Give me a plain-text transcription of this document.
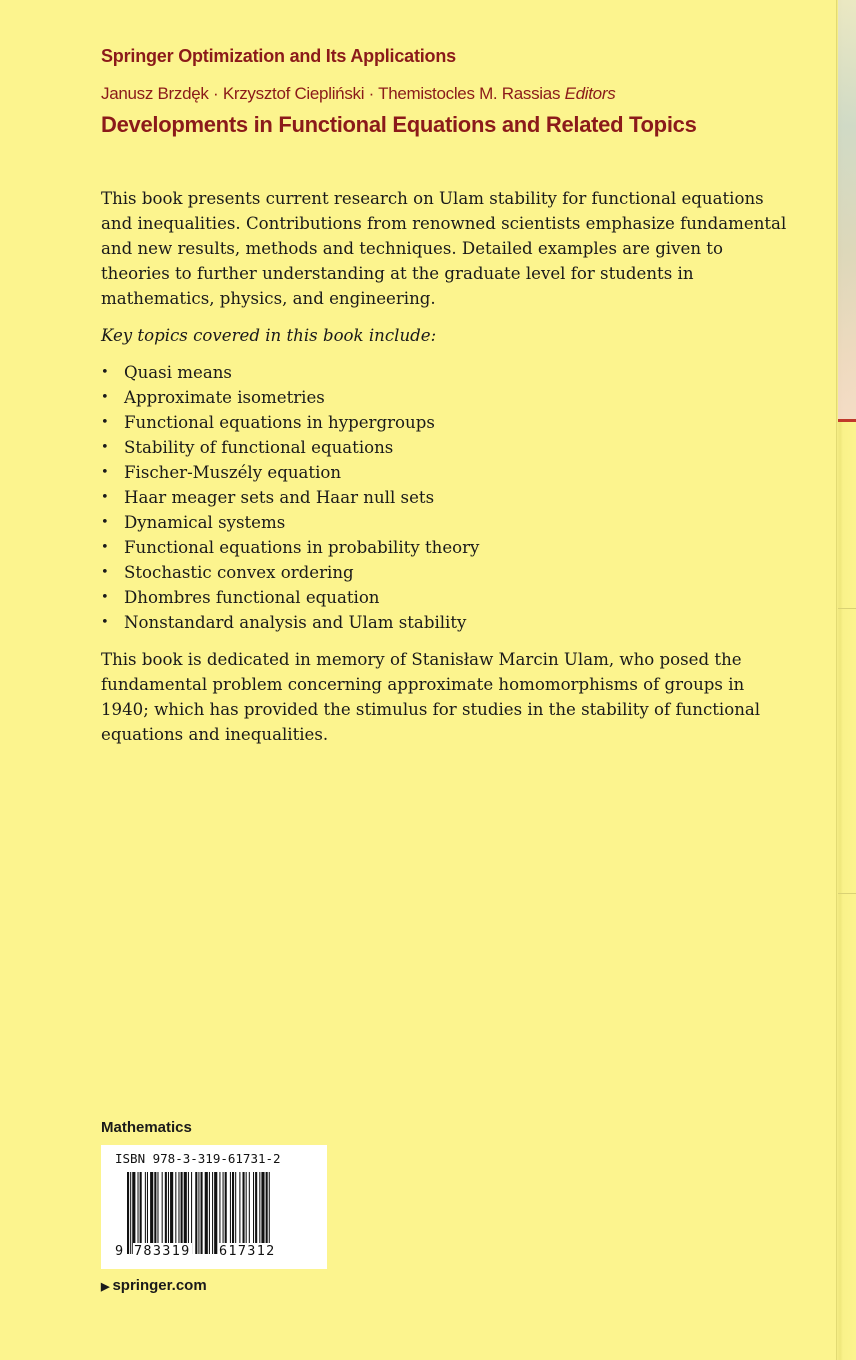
Springer Optimization and Its Applications
Janusz Brzdęk · Krzysztof Ciepliński · Themistocles M. Rassias Editors
Developments in Functional Equations and Related Topics

This book presents current research on Ulam stability for functional equations and inequalities. Contributions from renowned scientists emphasize fundamental and new results, methods and techniques. Detailed examples are given to theories to further understanding at the graduate level for students in mathematics, physics, and engineering.

Key topics covered in this book include:

• Quasi means
• Approximate isometries
• Functional equations in hypergroups
• Stability of functional equations
• Fischer-Muszély equation
• Haar meager sets and Haar null sets
• Dynamical systems
• Functional equations in probability theory
• Stochastic convex ordering
• Dhombres functional equation
• Nonstandard analysis and Ulam stability

This book is dedicated in memory of Stanisław Marcin Ulam, who posed the fundamental problem concerning approximate homomorphisms of groups in 1940; which has provided the stimulus for studies in the stability of functional equations and inequalities.

Mathematics
ISBN 978-3-319-61731-2
9 783319 617312
▶ springer.com
